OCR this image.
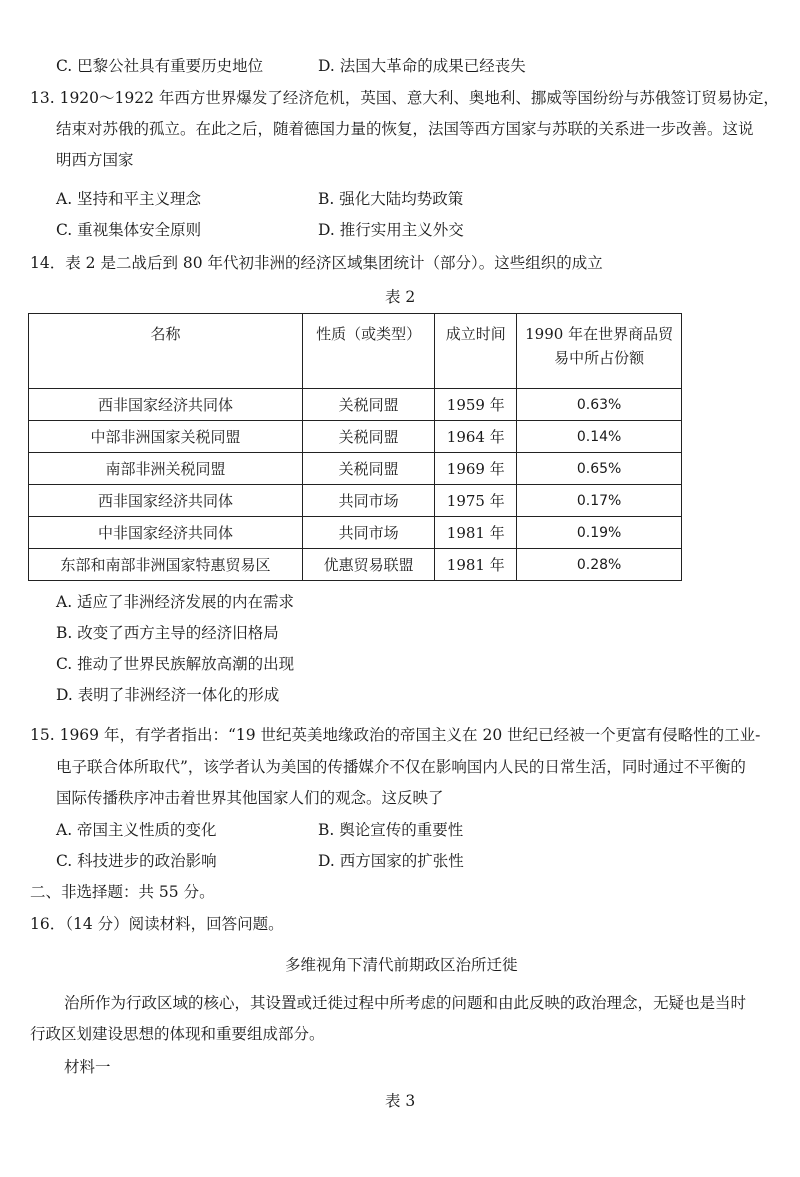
C. 巴黎公社具有重要历史地位	D. 法国大革命的成果已经丧失
13. 1920～1922 年西方世界爆发了经济危机，英国、意大利、奥地利、挪威等国纷纷与苏俄签订贸易协定，
结束对苏俄的孤立。在此之后，随着德国力量的恢复，法国等西方国家与苏联的关系进一步改善。这说
明西方国家
A. 坚持和平主义理念	B. 强化大陆均势政策
C. 重视集体安全原则	D. 推行实用主义外交
14．表 2 是二战后到 80 年代初非洲的经济区域集团统计（部分）。这些组织的成立
表 2
名称	性质（或类型）	成立时间	1990 年在世界商品贸易中所占份额
西非国家经济共同体	关税同盟	1959 年	0.63%
中部非洲国家关税同盟	关税同盟	1964 年	0.14%
南部非洲关税同盟	关税同盟	1969 年	0.65%
西非国家经济共同体	共同市场	1975 年	0.17%
中非国家经济共同体	共同市场	1981 年	0.19%
东部和南部非洲国家特惠贸易区	优惠贸易联盟	1981 年	0.28%
A. 适应了非洲经济发展的内在需求
B. 改变了西方主导的经济旧格局
C. 推动了世界民族解放高潮的出现
D. 表明了非洲经济一体化的形成
15. 1969 年，有学者指出：“19 世纪英美地缘政治的帝国主义在 20 世纪已经被一个更富有侵略性的工业-
电子联合体所取代”，该学者认为美国的传播媒介不仅在影响国内人民的日常生活，同时通过不平衡的
国际传播秩序冲击着世界其他国家人们的观念。这反映了
A. 帝国主义性质的变化	B. 舆论宣传的重要性
C. 科技进步的政治影响	D. 西方国家的扩张性
二、非选择题：共 55 分。
16．（14 分）阅读材料，回答问题。
多维视角下清代前期政区治所迁徙
治所作为行政区域的核心，其设置或迁徙过程中所考虑的问题和由此反映的政治理念，无疑也是当时
行政区划建设思想的体现和重要组成部分。
材料一
表 3
